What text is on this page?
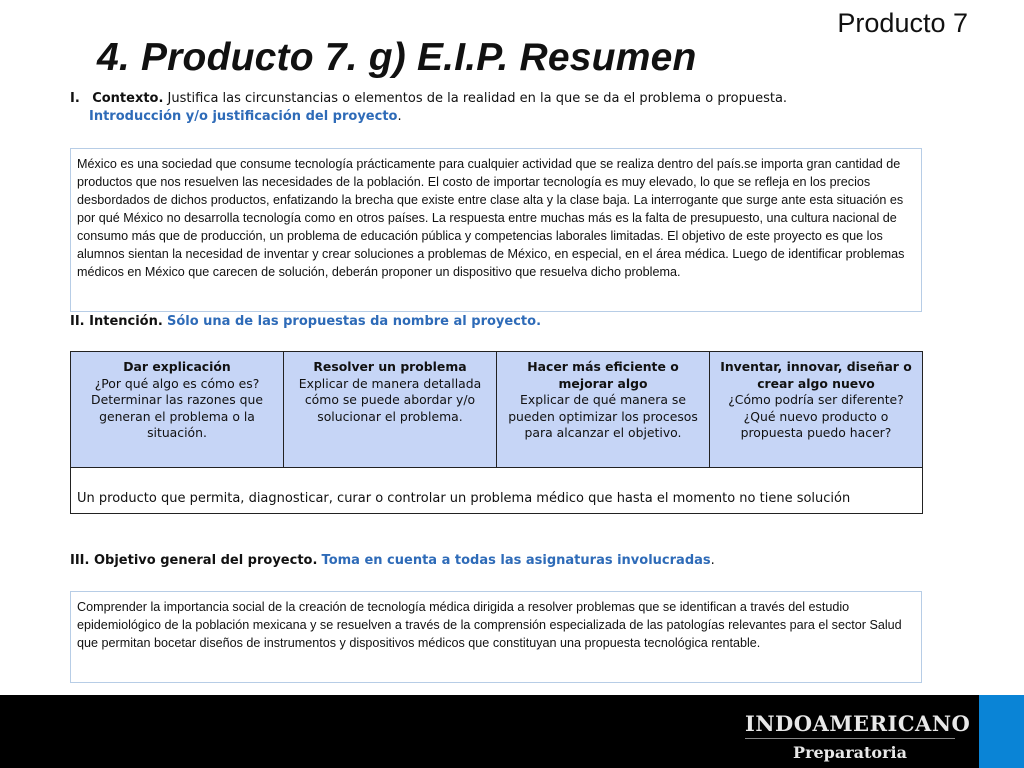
Producto 7
4. Producto 7. g) E.I.P. Resumen
I. Contexto. Justifica las circunstancias o elementos de la realidad en la que se da el problema o propuesta.
Introducción y/o justificación del proyecto.
México es una sociedad que consume tecnología prácticamente para cualquier actividad que se realiza dentro del país.se importa gran cantidad de productos que nos resuelven las necesidades de la población. El costo de importar tecnología es muy elevado, lo que se refleja en los precios desbordados de dichos productos, enfatizando la brecha que existe entre clase alta y la clase baja. La interrogante que surge ante esta situación es por qué México no desarrolla tecnología como en otros países. La respuesta entre muchas más es la falta de presupuesto, una cultura nacional de consumo más que de producción, un problema de educación pública y competencias laborales limitadas. El objetivo de este proyecto es que los alumnos sientan la necesidad de inventar y crear soluciones a problemas de México, en especial, en el área médica. Luego de identificar problemas médicos en México que carecen de solución, deberán proponer un dispositivo que resuelva dicho problema.
II. Intención. Sólo una de las propuestas da nombre al proyecto.
Dar explicación
¿Por qué algo es cómo es? Determinar las razones que generan el problema o la situación.
Resolver un problema
Explicar de manera detallada cómo se puede abordar y/o solucionar el problema.
Hacer más eficiente o mejorar algo
Explicar de qué manera se pueden optimizar los procesos para alcanzar el objetivo.
Inventar, innovar, diseñar o crear algo nuevo
¿Cómo podría ser diferente? ¿Qué nuevo producto o propuesta puedo hacer?
Un producto que permita, diagnosticar, curar o controlar un problema médico que hasta el momento no tiene solución
III. Objetivo general del proyecto. Toma en cuenta a todas las asignaturas involucradas.
Comprender la importancia social de la creación de tecnología médica dirigida a resolver problemas que se identifican a través del estudio epidemiológico de la población mexicana y se resuelven a través de la comprensión especializada de las patologías relevantes para el sector Salud que permitan bocetar diseños de instrumentos y dispositivos médicos que constituyan una propuesta tecnológica rentable.
INDOAMERICANO
Preparatoria
